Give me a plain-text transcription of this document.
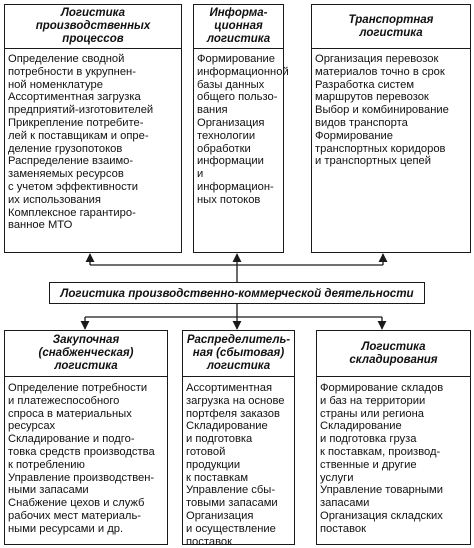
Логистика
производственных
процессов
Определение сводной
потребности в укрупнен-
ной номенклатуре
Ассортиментная загрузка
предприятий-изготовителей
Прикрепление потребите-
лей к поставщикам и опре-
деление грузопотоков
Распределение взаимо-
заменяемых ресурсов
с учетом эффективности
их использования
Комплексное гарантиро-
ванное МТО
Информа-
ционная
логистика
Формирование
информационной
базы данных
общего пользо-
вания
Организация
технологии
обработки
информации
и информацион-
ных потоков
Транспортная
логистика
Организация перевозок
материалов точно в срок
Разработка систем
маршрутов перевозок
Выбор и комбинирование
видов транспорта
Формирование
транспортных коридоров
и транспортных цепей
Логистика производственно-коммерческой деятельности
Закупочная
(снабженческая)
логистика
Определение потребности
и платежеспособного
спроса в материальных
ресурсах
Складирование и подго-
товка средств производства
к потреблению
Управление производствен-
ными запасами
Снабжение цехов и служб
рабочих мест материаль-
ными ресурсами и др.
Распределитель-
ная (сбытовая)
логистика
Ассортиментная
загрузка на основе
портфеля заказов
Складирование
и подготовка готовой
продукции
к поставкам
Управление сбы-
товыми запасами
Организация
и осуществление
поставок
Логистика
складирования
Формирование складов
и баз на территории
страны или региона
Складирование
и подготовка груза
к поставкам, производ-
ственные и другие
услуги
Управление товарными
запасами
Организация складских
поставок
